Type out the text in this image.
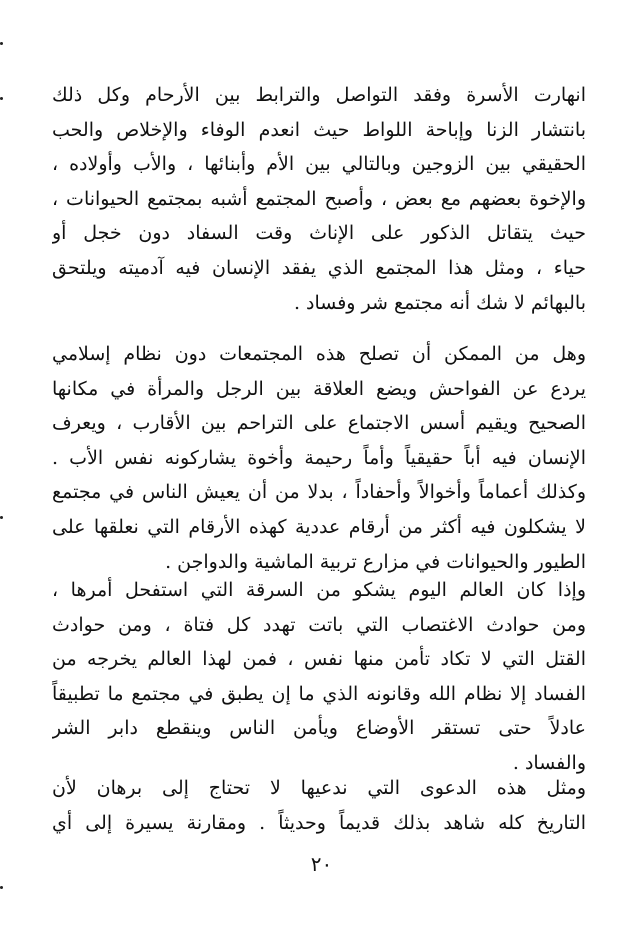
انهارت الأسرة وفقد التواصل والترابط بين الأرحام وكل ذلك
بانتشار الزنا وإباحة اللواط حيث انعدم الوفاء والإخلاص والحب
الحقيقي بين الزوجين وبالتالي بين الأم وأبنائها ، والأب وأولاده ،
والإخوة بعضهم مع بعض ، وأصبح المجتمع أشبه بمجتمع الحيوانات ،
حيث يتقاتل الذكور على الإناث وقت السفاد دون خجل أو
حياء ، ومثل هذا المجتمع الذي يفقد الإنسان فيه آدميته ويلتحق
بالبهائم لا شك أنه مجتمع شر وفساد .
وهل من الممكن أن تصلح هذه المجتمعات دون نظام إسلامي
يردع عن الفواحش ويضع العلاقة بين الرجل والمرأة في مكانها
الصحيح ويقيم أسس الاجتماع على التراحم بين الأقارب ، ويعرف
الإنسان فيه أباً حقيقياً وأماً رحيمة وأخوة يشاركونه نفس الأب .
وكذلك أعماماً وأخوالاً وأحفاداً ، بدلا من أن يعيش الناس في مجتمع
لا يشكلون فيه أكثر من أرقام عددية كهذه الأرقام التي نعلقها على
الطيور والحيوانات في مزارع تربية الماشية والدواجن .
وإذا كان العالم اليوم يشكو من السرقة التي استفحل أمرها ،
ومن حوادث الاغتصاب التي باتت تهدد كل فتاة ، ومن حوادث
القتل التي لا تكاد تأمن منها نفس ، فمن لهذا العالم يخرجه من
الفساد إلا نظام الله وقانونه الذي ما إن يطبق في مجتمع ما تطبيقاً
عادلاً حتى تستقر الأوضاع ويأمن الناس وينقطع دابر الشر
والفساد .
ومثل هذه الدعوى التي ندعيها لا تحتاج إلى برهان لأن
التاريخ كله شاهد بذلك قديماً وحديثاً . ومقارنة يسيرة إلى أي
٢٠
